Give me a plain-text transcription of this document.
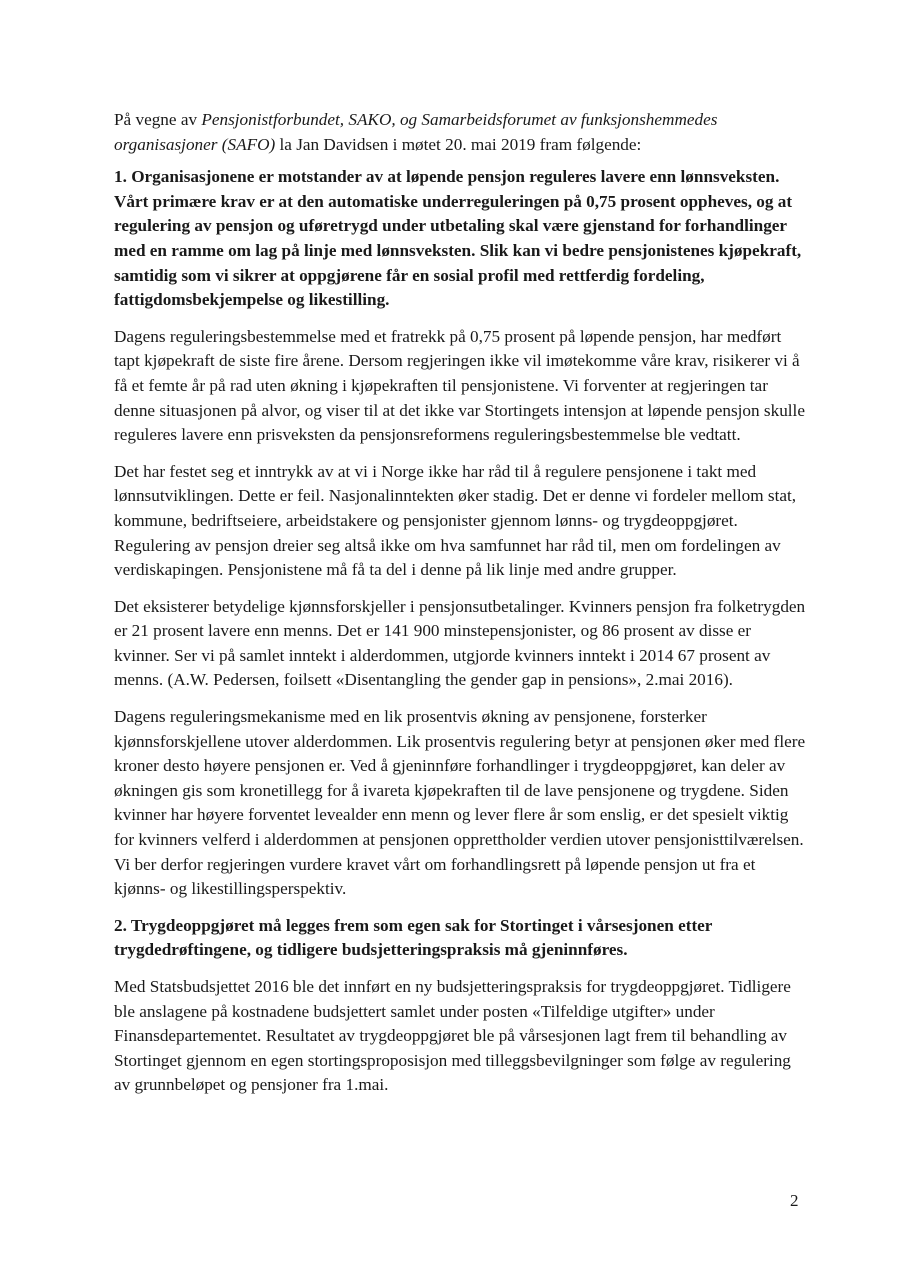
På vegne av Pensjonistforbundet, SAKO, og Samarbeidsforumet av funksjonshemmedes organisasjoner (SAFO) la Jan Davidsen i møtet 20. mai 2019 fram følgende:

1. Organisasjonene er motstander av at løpende pensjon reguleres lavere enn lønnsveksten. Vårt primære krav er at den automatiske underreguleringen på 0,75 prosent oppheves, og at regulering av pensjon og uføretrygd under utbetaling skal være gjenstand for forhandlinger med en ramme om lag på linje med lønnsveksten. Slik kan vi bedre pensjonistenes kjøpekraft, samtidig som vi sikrer at oppgjørene får en sosial profil med rettferdig fordeling, fattigdomsbekjempelse og likestilling.

Dagens reguleringsbestemmelse med et fratrekk på 0,75 prosent på løpende pensjon, har medført tapt kjøpekraft de siste fire årene. Dersom regjeringen ikke vil imøtekomme våre krav, risikerer vi å få et femte år på rad uten økning i kjøpekraften til pensjonistene. Vi forventer at regjeringen tar denne situasjonen på alvor, og viser til at det ikke var Stortingets intensjon at løpende pensjon skulle reguleres lavere enn prisveksten da pensjonsreformens reguleringsbestemmelse ble vedtatt.

Det har festet seg et inntrykk av at vi i Norge ikke har råd til å regulere pensjonene i takt med lønnsutviklingen. Dette er feil. Nasjonalinntekten øker stadig. Det er denne vi fordeler mellom stat, kommune, bedriftseiere, arbeidstakere og pensjonister gjennom lønns- og trygdeoppgjøret. Regulering av pensjon dreier seg altså ikke om hva samfunnet har råd til, men om fordelingen av verdiskapingen. Pensjonistene må få ta del i denne på lik linje med andre grupper.

Det eksisterer betydelige kjønnsforskjeller i pensjonsutbetalinger. Kvinners pensjon fra folketrygden er 21 prosent lavere enn menns. Det er 141 900 minstepensjonister, og 86 prosent av disse er kvinner. Ser vi på samlet inntekt i alderdommen, utgjorde kvinners inntekt i 2014 67 prosent av menns. (A.W. Pedersen, foilsett «Disentangling the gender gap in pensions», 2.mai 2016).

Dagens reguleringsmekanisme med en lik prosentvis økning av pensjonene, forsterker kjønnsforskjellene utover alderdommen. Lik prosentvis regulering betyr at pensjonen øker med flere kroner desto høyere pensjonen er. Ved å gjeninnføre forhandlinger i trygdeoppgjøret, kan deler av økningen gis som kronetillegg for å ivareta kjøpekraften til de lave pensjonene og trygdene. Siden kvinner har høyere forventet levealder enn menn og lever flere år som enslig, er det spesielt viktig for kvinners velferd i alderdommen at pensjonen opprettholder verdien utover pensjonisttilværelsen. Vi ber derfor regjeringen vurdere kravet vårt om forhandlingsrett på løpende pensjon ut fra et kjønns- og likestillingsperspektiv.

2. Trygdeoppgjøret må legges frem som egen sak for Stortinget i vårsesjonen etter trygdedrøftingene, og tidligere budsjetteringspraksis må gjeninnføres.

Med Statsbudsjettet 2016 ble det innført en ny budsjetteringspraksis for trygdeoppgjøret. Tidligere ble anslagene på kostnadene budsjettert samlet under posten «Tilfeldige utgifter» under Finansdepartementet. Resultatet av trygdeoppgjøret ble på vårsesjonen lagt frem til behandling av Stortinget gjennom en egen stortingsproposisjon med tilleggsbevilgninger som følge av regulering av grunnbeløpet og pensjoner fra 1.mai.

2
